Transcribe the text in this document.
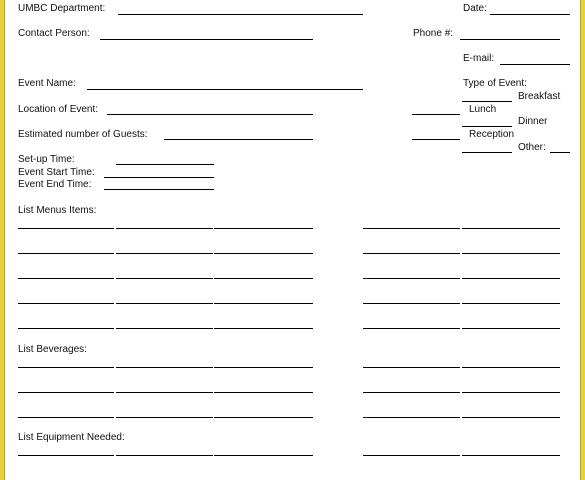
UMBC Department:	Date:
Contact Person:	Phone #:
E-mail:
Event Name:	Type of Event:
Breakfast
Lunch
Dinner
Reception
Other:
Location of Event:
Estimated number of Guests:
Set-up Time:
Event Start Time:
Event End Time:
List Menus Items:
List Beverages:
List Equipment Needed:
